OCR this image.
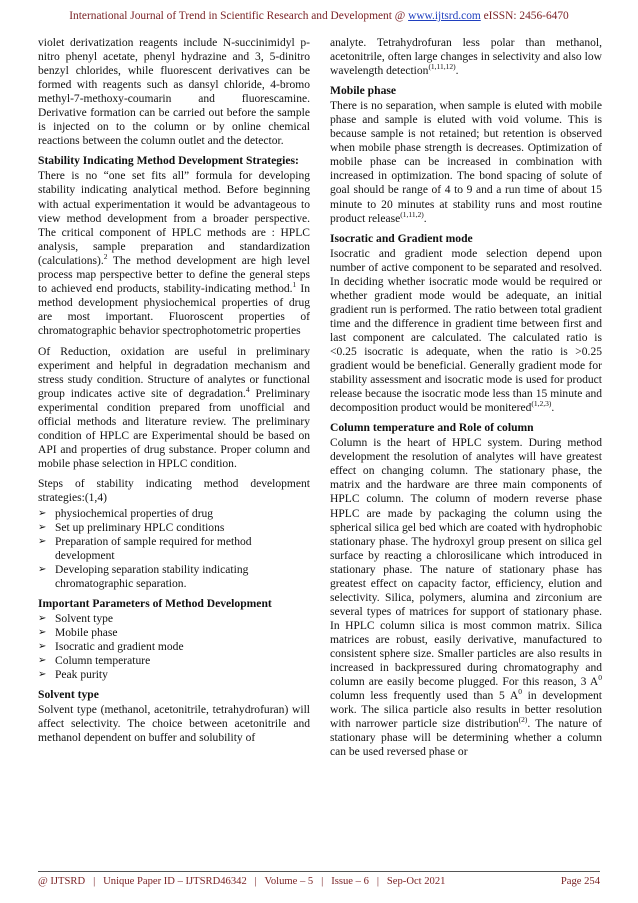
International Journal of Trend in Scientific Research and Development @ www.ijtsrd.com eISSN: 2456-6470

violet derivatization reagents include N-succinimidyl p-nitro phenyl acetate, phenyl hydrazine and 3, 5-dinitro benzyl chlorides, while fluorescent derivatives can be formed with reagents such as dansyl chloride, 4-bromo methyl-7-methoxy-coumarin and fluorescamine. Derivative formation can be carried out before the sample is injected on to the column or by online chemical reactions between the column outlet and the detector.

Stability Indicating Method Development Strategies:

There is no “one set fits all” formula for developing stability indicating analytical method. Before beginning with actual experimentation it would be advantageous to view method development from a broader perspective. The critical component of HPLC methods are : HPLC analysis, sample preparation and standardization (calculations).$^2$ The method development are high level process map perspective better to define the general steps to achieved end products, stability-indicating method.$^1$ In method development physiochemical properties of drug are most important. Fluoroscent properties of chromatographic behavior spectrophotometric properties

Of Reduction, oxidation are useful in preliminary experiment and helpful in degradation mechanism and stress study condition. Structure of analytes or functional group indicates active site of degradation.$^4$ Preliminary experimental condition prepared from unofficial and official methods and literature review. The preliminary condition of HPLC are Experimental should be based on API and properties of drug substance. Proper column and mobile phase selection in HPLC condition.

Steps of stability indicating method development strategies:(1,4)

➢ physiochemical properties of drug
➢ Set up preliminary HPLC conditions
➢ Preparation of sample required for method development
➢ Developing separation stability indicating chromatographic separation.
Important Parameters of Method Development
➢ Solvent type
➢ Mobile phase
➢ Isocratic and gradient mode
➢ Column temperature
➢ Peak purity
Solvent type

Solvent type (methanol, acetonitrile, tetrahydrofuran) will affect selectivity. The choice between acetonitrile and methanol dependent on buffer and solubility of

analyte. Tetrahydrofuran less polar than methanol, acetonitrile, often large changes in selectivity and also low wavelength detection$^{(1,11,12)}$.

Mobile phase

There is no separation, when sample is eluted with mobile phase and sample is eluted with void volume. This is because sample is not retained; but retention is observed when mobile phase strength is decreases. Optimization of mobile phase can be increased in combination with increased in optimization. The bond spacing of solute of goal should be range of 4 to 9 and a run time of about 15 minute to 20 minutes at stability runs and most routine product release$^{(1,11,2)}$.

Isocratic and Gradient mode

Isocratic and gradient mode selection depend upon number of active component to be separated and resolved. In deciding whether isocratic mode would be required or whether gradient mode would be adequate, an initial gradient run is performed. The ratio between total gradient time and the difference in gradient time between first and last component are calculated. The calculated ratio is <0.25 isocratic is adequate, when the ratio is >0.25 gradient would be beneficial. Generally gradient mode for stability assessment and isocratic mode is used for product release because the isocratic mode less than 15 minute and decomposition product would be monitered$^{(1,2,3)}$.

Column temperature and Role of column

Column is the heart of HPLC system. During method development the resolution of analytes will have greatest effect on changing column. The stationary phase, the matrix and the hardware are three main components of HPLC column. The column of modern reverse phase HPLC are made by packaging the column using the spherical silica gel bed which are coated with hydrophobic stationary phase. The hydroxyl group present on silica gel surface by reacting a chlorosilicane which introduced in stationary phase. The nature of stationary phase has greatest effect on capacity factor, efficiency, elution and selectivity. Silica, polymers, alumina and zirconium are several types of matrices for support of stationary phase. In HPLC column silica is most common matrix. Silica matrices are robust, easily derivative, manufactured to consistent sphere size. Smaller particles are also results in increased in backpressured during chromatography and column are easily become plugged. For this reason, 3 $A^0$ column less frequently used than 5 $A^0$ in development work. The silica particle also results in better resolution with narrower particle size distribution$^{(2)}$. The nature of stationary phase will be determining whether a column can be used reversed phase or

@ IJTSRD   |   Unique Paper ID – IJTSRD46342   |   Volume – 5   |   Issue – 6   |   Sep-Oct 2021	Page 254
